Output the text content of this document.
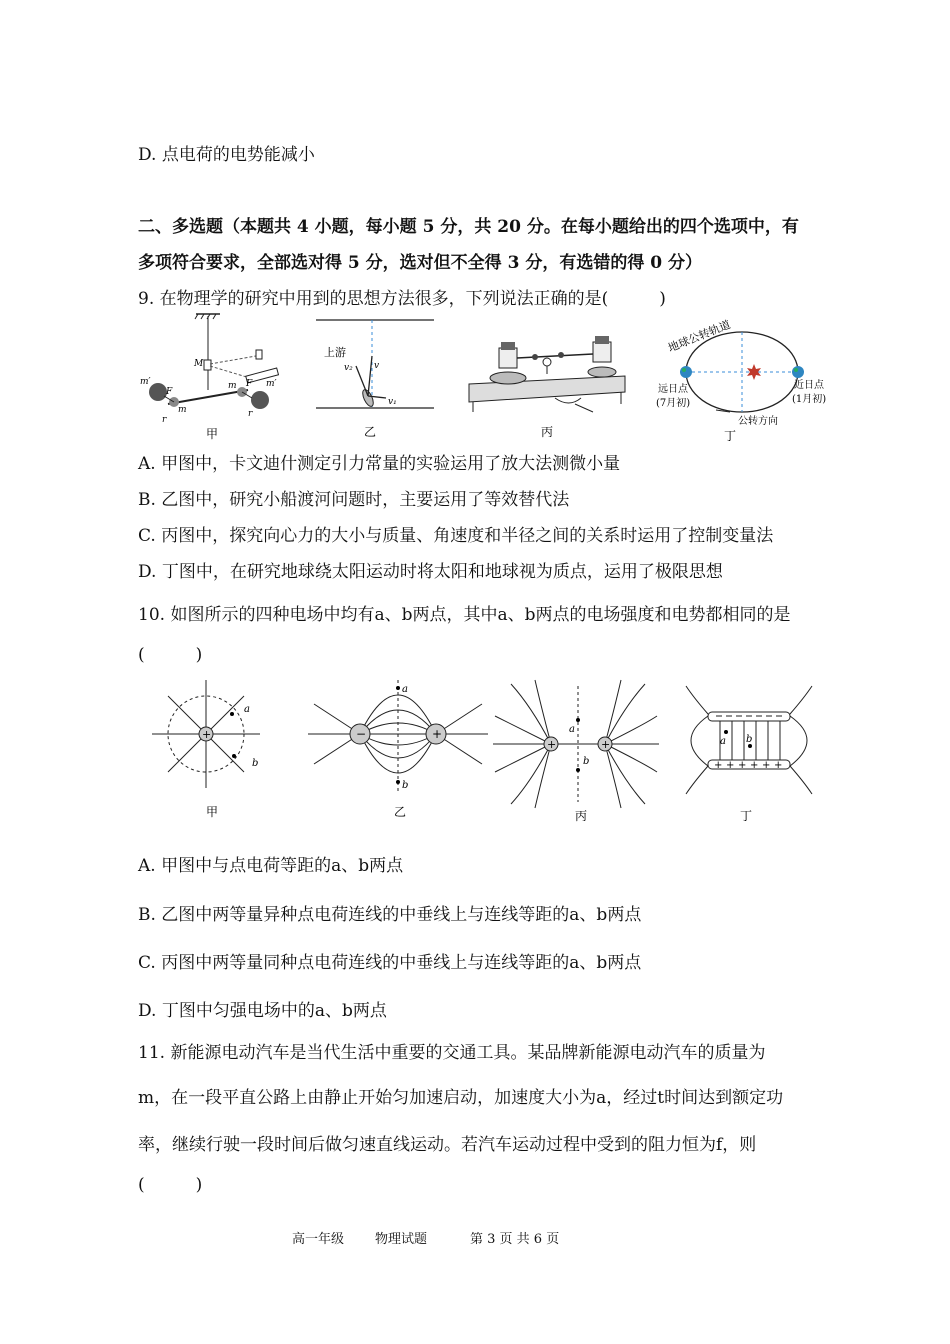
D. 点电荷的电势能减小
二、多选题（本题共 4 小题，每小题 5 分，共 20 分。在每小题给出的四个选项中，有
多项符合要求，全部选对得 5 分，选对但不全得 3 分，有选错的得 0 分）
9. 在物理学的研究中用到的思想方法很多，下列说法正确的是(　　　)
M
m′	m′
F
F
m
m
r
r
甲
上游
v
v₂
v₁
乙	丙
地球公转轨道
远日点
(7月初)
近日点
(1月初)
公转方向
丁
A. 甲图中，卡文迪什测定引力常量的实验运用了放大法测微小量
B. 乙图中，研究小船渡河问题时，主要运用了等效替代法
C. 丙图中，探究向心力的大小与质量、角速度和半径之间的关系时运用了控制变量法
D. 丁图中，在研究地球绕太阳运动时将太阳和地球视为质点，运用了极限思想
10. 如图所示的四种电场中均有a、b两点，其中a、b两点的电场强度和电势都相同的是
(　　　)
+
a
b
甲
−	+
a
b
乙
+	+
a
b
丙
+ + + + + +
a b
丁
A. 甲图中与点电荷等距的a、b两点
B. 乙图中两等量异种点电荷连线的中垂线上与连线等距的a、b两点
C. 丙图中两等量同种点电荷连线的中垂线上与连线等距的a、b两点
D. 丁图中匀强电场中的a、b两点
11. 新能源电动汽车是当代生活中重要的交通工具。某品牌新能源电动汽车的质量为
m，在一段平直公路上由静止开始匀加速启动，加速度大小为a，经过t时间达到额定功
率，继续行驶一段时间后做匀速直线运动。若汽车运动过程中受到的阻力恒为f，则
(　　　)
高一年级 物理试题	第 3 页 共 6 页
